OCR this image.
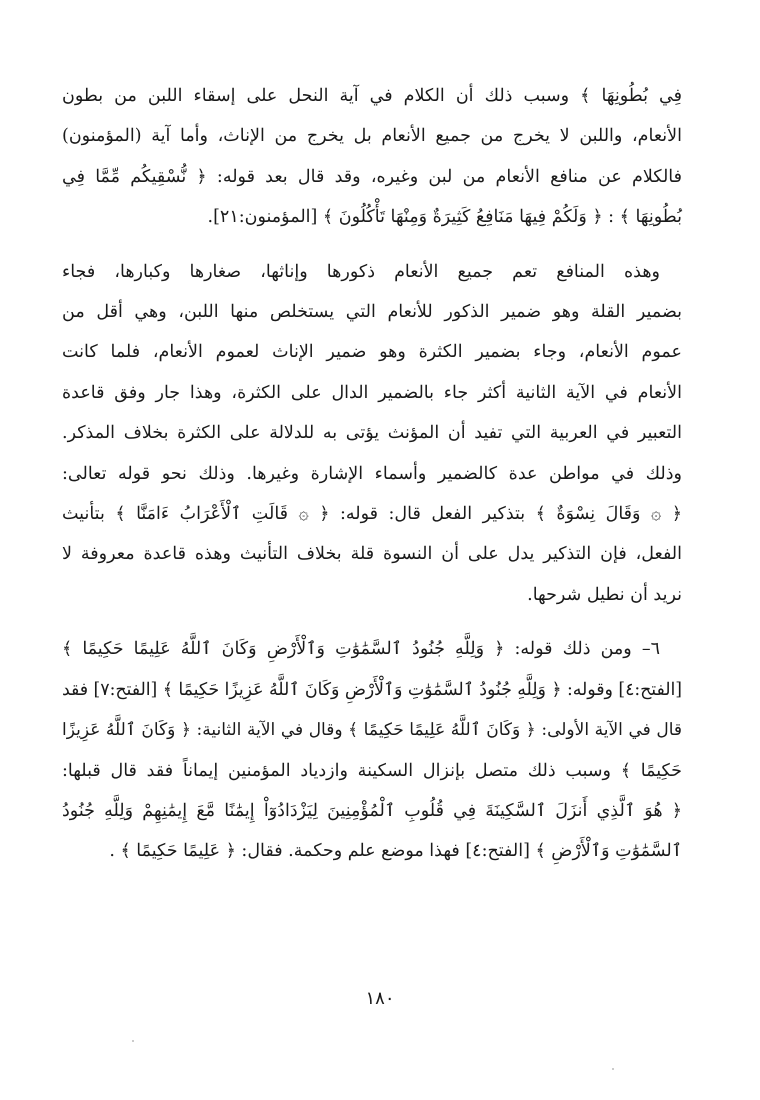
فِي بُطُونِهَا ﴾ وسبب ذلك أن الكلام في آية النحل على إسقاء اللبن من بطون
الأنعام، واللبن لا يخرج من جميع الأنعام بل يخرج من الإناث، وأما آية (المؤمنون)
فالكلام عن منافع الأنعام من لبن وغيره، وقد قال بعد قوله: ﴿ نُّسْقِيكُم مِّمَّا فِي
بُطُونِهَا ﴾ : ﴿ وَلَكُمْ فِيهَا مَنَافِعُ كَثِيرَةٌ وَمِنْهَا تَأْكُلُونَ ﴾ [المؤمنون:٢١].
وهذه المنافع تعم جميع الأنعام ذكورها وإناثها، صغارها وكبارها، فجاء
بضمير القلة وهو ضمير الذكور للأنعام التي يستخلص منها اللبن، وهي أقل من
عموم الأنعام، وجاء بضمير الكثرة وهو ضمير الإناث لعموم الأنعام، فلما كانت
الأنعام في الآية الثانية أكثر جاء بالضمير الدال على الكثرة، وهذا جار وفق قاعدة
التعبير في العربية التي تفيد أن المؤنث يؤتى به للدلالة على الكثرة بخلاف المذكر.
وذلك في مواطن عدة كالضمير وأسماء الإشارة وغيرها. وذلك نحو قوله تعالى:
﴿ ۞ وَقَالَ نِسْوَةٌ ﴾ بتذكير الفعل قال: قوله: ﴿ ۞ قَالَتِ ٱلْأَعْرَابُ ءَامَنَّا ﴾ بتأنيث
الفعل، فإن التذكير يدل على أن النسوة قلة بخلاف التأنيث وهذه قاعدة معروفة لا
نريد أن نطيل شرحها.
٦– ومن ذلك قوله: ﴿ وَلِلَّهِ جُنُودُ ٱلسَّمَٰوَٰتِ وَٱلْأَرْضِ وَكَانَ ٱللَّهُ عَلِيمًا حَكِيمًا ﴾
[الفتح:٤] وقوله: ﴿ وَلِلَّهِ جُنُودُ ٱلسَّمَٰوَٰتِ وَٱلْأَرْضِ وَكَانَ ٱللَّهُ عَزِيزًا حَكِيمًا ﴾ [الفتح:٧] فقد
قال في الآية الأولى: ﴿ وَكَانَ ٱللَّهُ عَلِيمًا حَكِيمًا ﴾ وقال في الآية الثانية: ﴿ وَكَانَ ٱللَّهُ عَزِيزًا
حَكِيمًا ﴾ وسبب ذلك متصل بإنزال السكينة وازدياد المؤمنين إيماناً فقد قال قبلها:
﴿ هُوَ ٱلَّذِي أَنزَلَ ٱلسَّكِينَةَ فِي قُلُوبِ ٱلْمُؤْمِنِينَ لِيَزْدَادُوٓاْ إِيمَٰنًا مَّعَ إِيمَٰنِهِمْ وَلِلَّهِ جُنُودُ
ٱلسَّمَٰوَٰتِ وَٱلْأَرْضِ ﴾ [الفتح:٤] فهذا موضع علم وحكمة. فقال: ﴿ عَلِيمًا حَكِيمًا ﴾ .
١٨٠
